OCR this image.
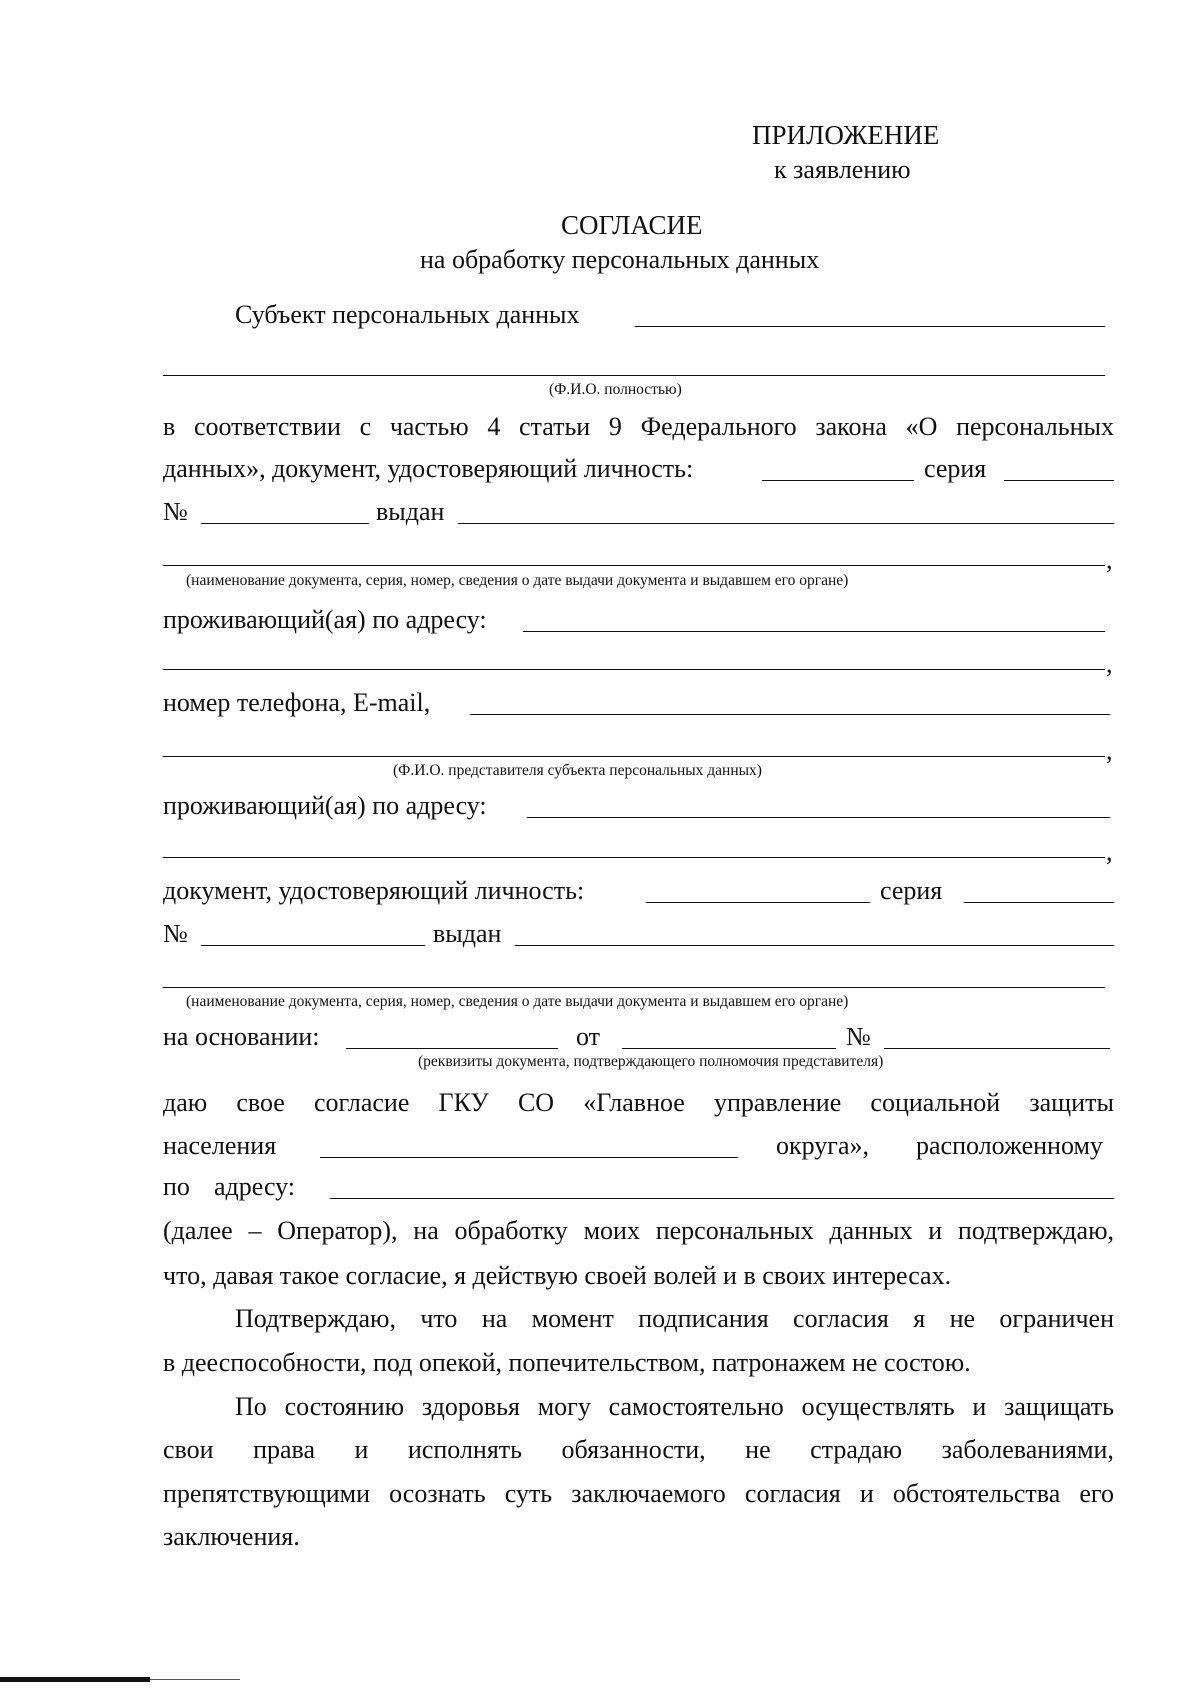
ПРИЛОЖЕНИЕ
к заявлению
СОГЛАСИЕ
на обработку персональных данных
Субъект персональных данных
(Ф.И.О. полностью)
в соответствии с частью 4 статьи 9 Федерального закона «О персональных
данных», документ, удостоверяющий личность:	серия
№	выдан
,
(наименование документа, серия, номер, сведения о дате выдачи документа и выдавшем его органе)
проживающий(ая) по адресу:
,
номер телефона, E-mail,
,
(Ф.И.О. представителя субъекта персональных данных)
проживающий(ая) по адресу:
,
документ, удостоверяющий личность:	серия
№	выдан
(наименование документа, серия, номер, сведения о дате выдачи документа и выдавшем его органе)
на основании:	от	№
(реквизиты документа, подтверждающего полномочия представителя)
даю свое согласие ГКУ СО «Главное управление социальной защиты
населения	округа», расположенному
по адресу:
(далее – Оператор), на обработку моих персональных данных и подтверждаю,
что, давая такое согласие, я действую своей волей и в своих интересах.
Подтверждаю, что на момент подписания согласия я не ограничен
в дееспособности, под опекой, попечительством, патронажем не состою.
По состоянию здоровья могу самостоятельно осуществлять и защищать
свои права и исполнять обязанности, не страдаю заболеваниями,
препятствующими осознать суть заключаемого согласия и обстоятельства его
заключения.
